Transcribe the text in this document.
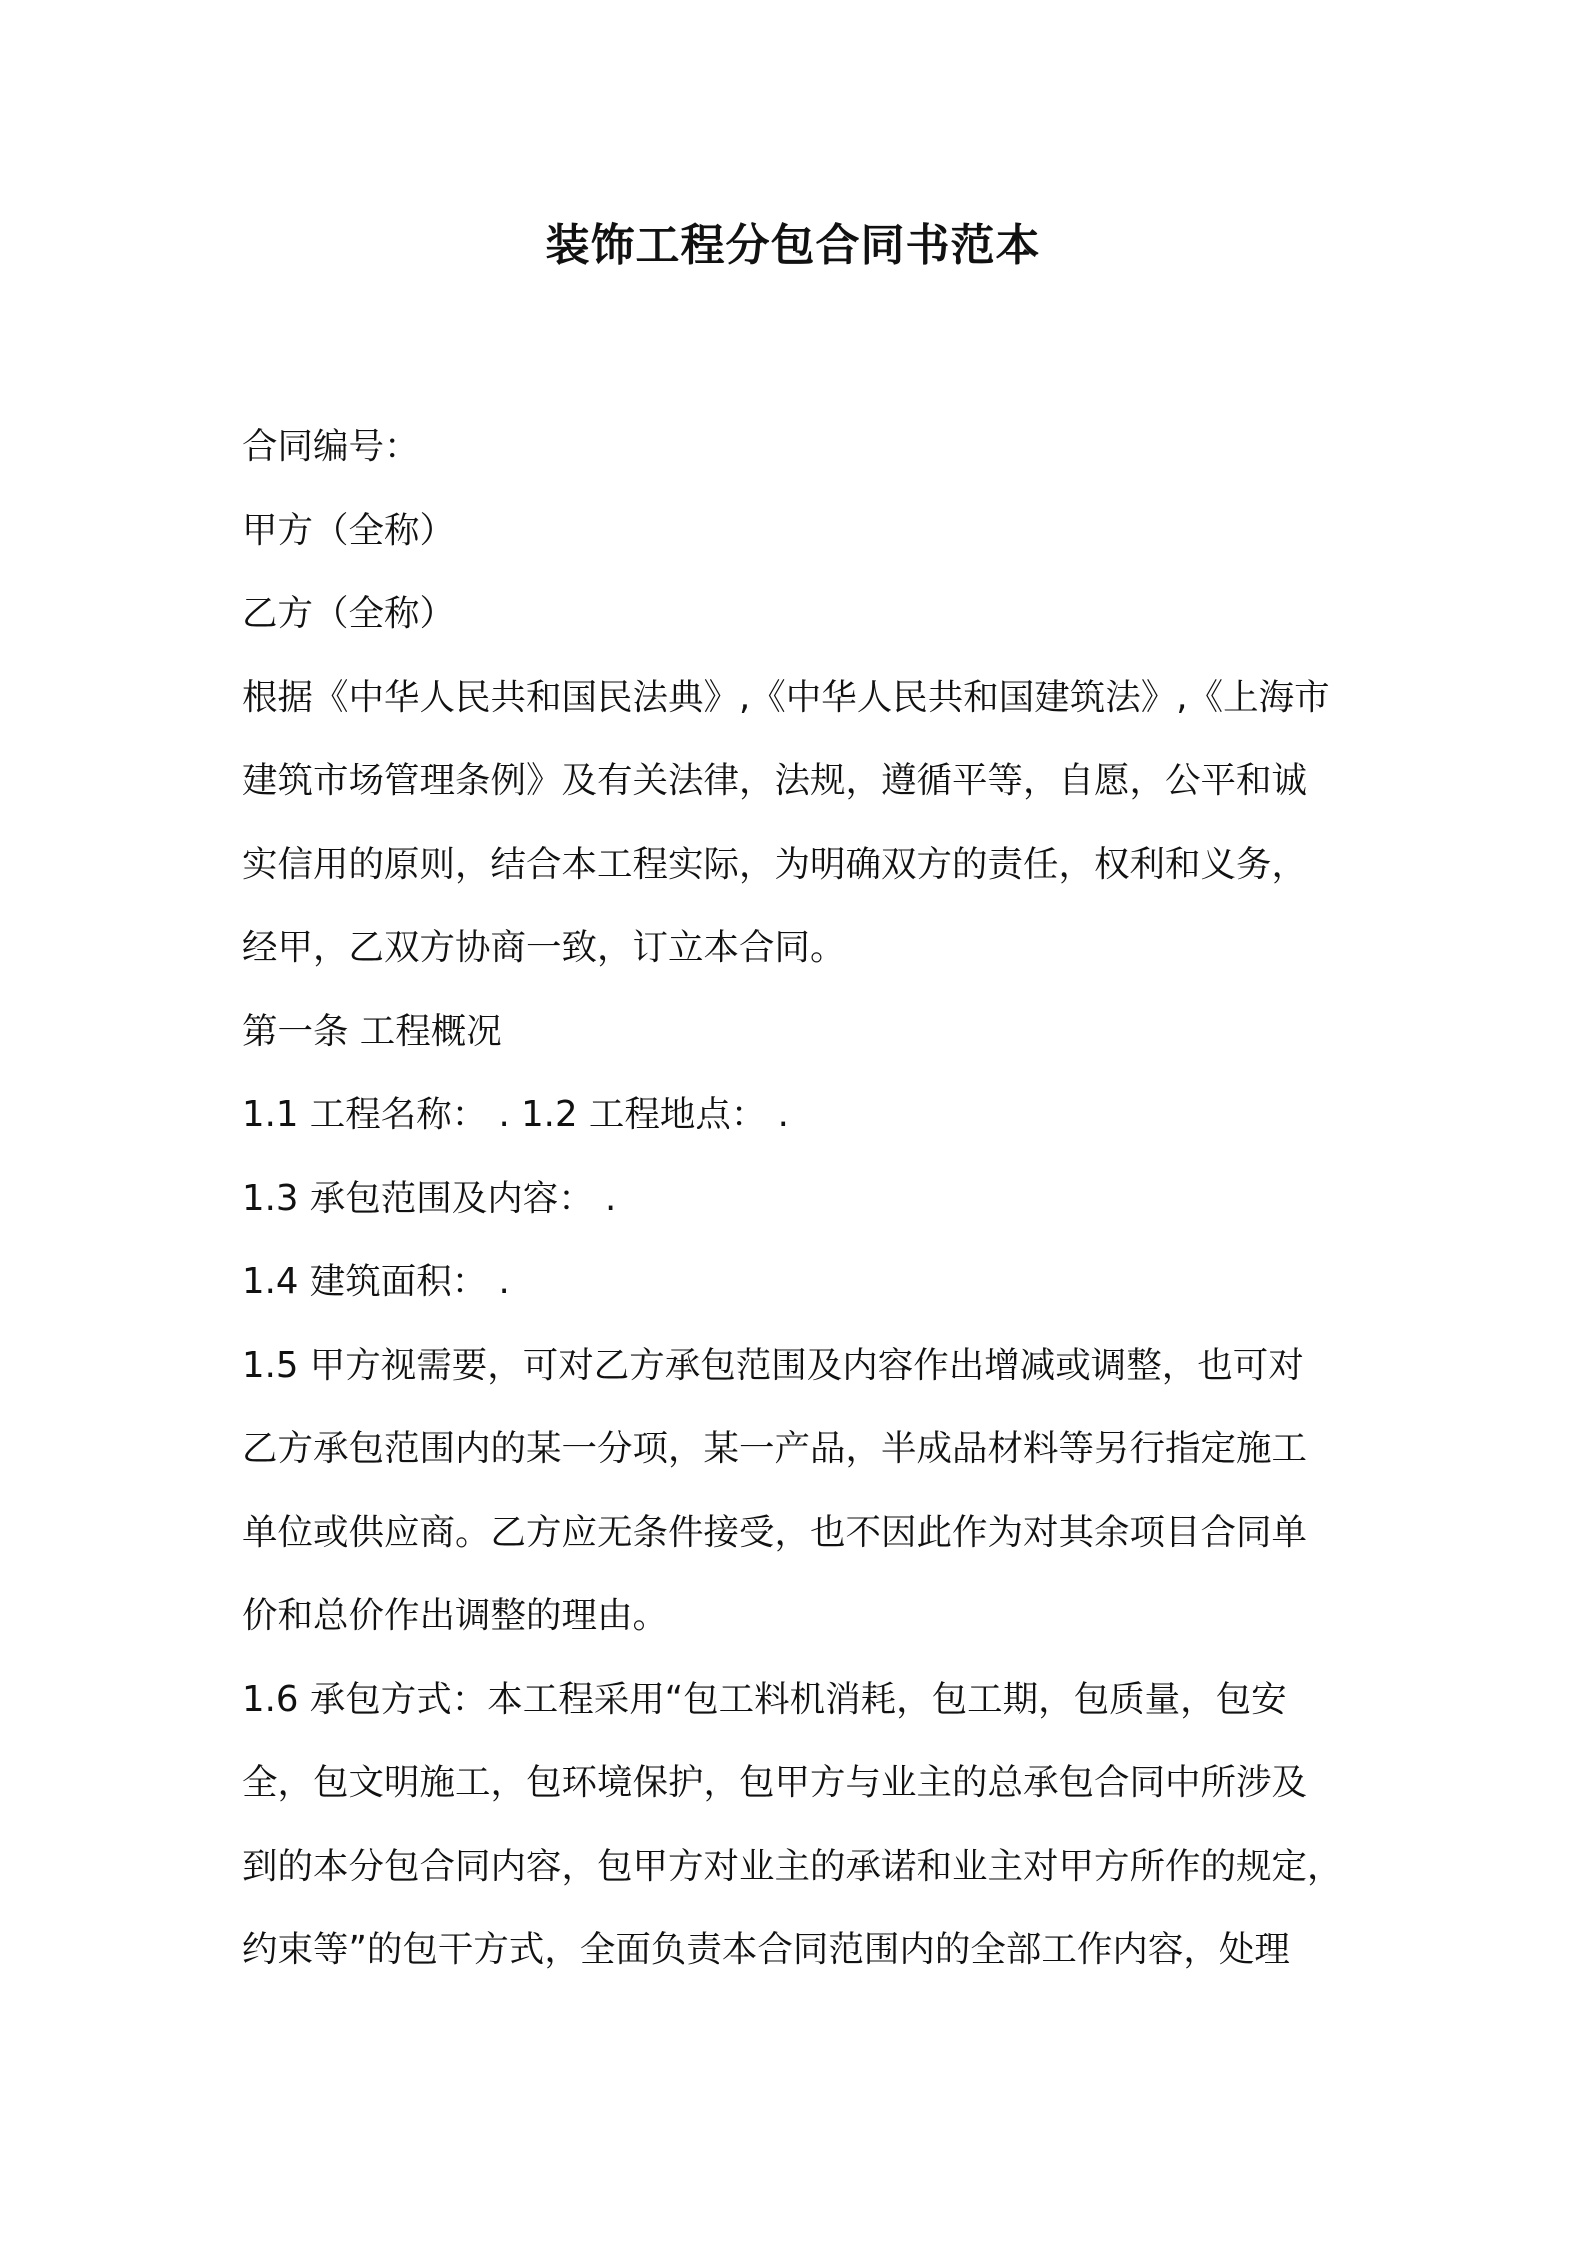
装饰工程分包合同书范本
合同编号：
甲方（全称）
乙方（全称）
根据《中华人民共和国民法典》,《中华人民共和国建筑法》,《上海市
建筑市场管理条例》及有关法律，法规，遵循平等，自愿，公平和诚
实信用的原则，结合本工程实际，为明确双方的责任，权利和义务，
经甲，乙双方协商一致，订立本合同。
第一条 工程概况
1.1 工程名称： . 1.2 工程地点： .
1.3 承包范围及内容： .
1.4 建筑面积： .
1.5 甲方视需要，可对乙方承包范围及内容作出增减或调整，也可对
乙方承包范围内的某一分项，某一产品，半成品材料等另行指定施工
单位或供应商。乙方应无条件接受，也不因此作为对其余项目合同单
价和总价作出调整的理由。
1.6 承包方式：本工程采用“包工料机消耗，包工期，包质量，包安
全，包文明施工，包环境保护，包甲方与业主的总承包合同中所涉及
到的本分包合同内容，包甲方对业主的承诺和业主对甲方所作的规定，
约束等”的包干方式，全面负责本合同范围内的全部工作内容，处理
